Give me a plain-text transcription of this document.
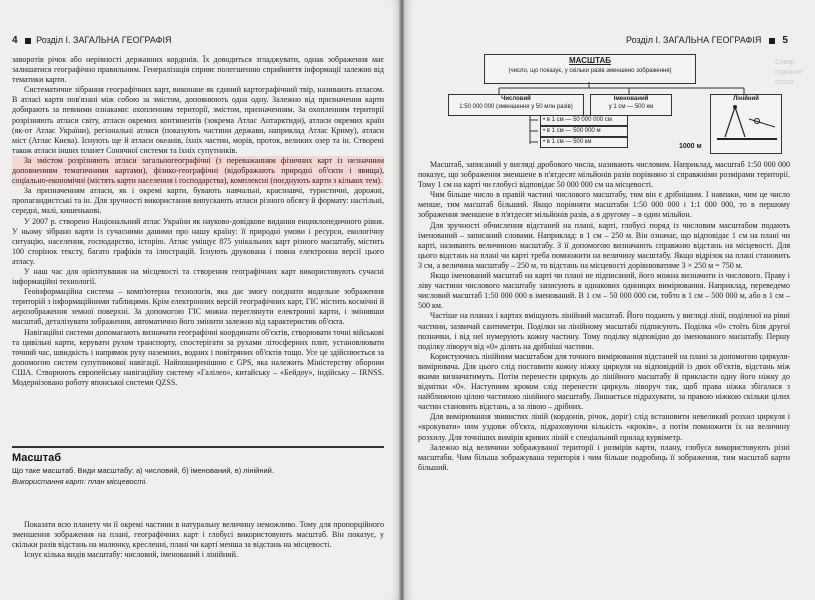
4 Розділ I. ЗАГАЛЬНА ГЕОГРАФІЯ

заворотів річок або нерівності державних кордонів. Їх доводиться згладжувати, однак зображення має залишатися географічно правильним. Генералізація сприяє полегшенню сприйняття інформації залежно від тематики карти.

Систематичне зібрання географічних карт, виконане як єдиний картографічний твір, називають атласом. В атласі карти пов'язані між собою за змістом, доповнюють одна одну. Залежно від призначення карти добирають за певними ознаками: охопленням території, змістом, призначенням. За охопленням території розрізняють атласи світу, атласи окремих континентів (зокрема Атлас Антарктиди), атласи окремих країн (як-от Атлас України), регіональні атласи (показують частини держави, наприклад Атлас Криму), атласи міст (Атлас Києва). Існують ще й атласи океанів, їхніх частин, морів, проток, великих озер та ін. Створені також атласи інших планет Сонячної системи та їхніх супутників.

За змістом розрізняють атласи загальногеографічні (з переважанням фізичних карт із незначним доповненням тематичними картами), фізико-географічні (відображають природні об'єкти і явища), соціально-економічні (містять карти населення і господарства), комплексні (поєднують карти з кількох тем).

За призначенням атласи, як і окремі карти, бувають навчальні, краєзнавчі, туристичні, дорожні, пропагандистські та ін. Для зручності використання випускають атласи різного обсягу й формату: настільні, середні, малі, кишенькові.

У 2007 р. створено Національний атлас України як науково-довідкове видання енциклопедичного рівня. У ньому зібрано карти із сучасними даними про нашу країну: її природні умови і ресурси, екологічну ситуацію, населення, господарство, історію. Атлас уміщує 875 унікальних карт різного масштабу, містить 100 сторінок тексту, багато графіків та ілюстрацій. Існують друкована і повна електронна версії цього атласу.

У наш час для орієнтування на місцевості та створення географічних карт використовують сучасні інформаційні технології.

Геоінформаційна система – комп'ютерна технологія, яка дає змогу поєднати модельне зображення територій з інформаційними таблицями. Крім електронних версій географічних карт, ГІС містить космічні й аерозображення земної поверхні. За допомогою ГІС можна переглянути електронні карти, і змінивши масштаб, деталізувати зображення, автоматично його змінити залежно від характеристик об'єкта.

Навігаційні системи допомагають визначати географічні координати об'єктів, створювати точні військові та цивільні карти, керувати рухом транспорту, спостерігати за рухами літосферних плит, установлювати точний час, швидкість і напрямок руху наземних, водних і повітряних об'єктів тощо. Усе це здійснюється за допомогою систем супутникової навігації. Найпоширенішою є GPS, яка належить Міністерству оборони США. Створюють європейську навігаційну систему «Галілео», китайську – «Бейдоу», індійську – IRNSS. Модернізовано роботу японської системи QZSS.

Масштаб
Що таке масштаб. Види масштабу: а) числовий, б) іменований, в) лінійний.
Використання карт: план місцевості.

Показати всю планету чи її окремі частини в натуральну величину неможливо. Тому для пропорційного зменшення зображення на плані, географічних карт і глобусі використовують масштаб. Він показує, у скільки разів відстань на малюнку, кресленні, плані чи карті менша за відстань на місцевості.

Існує кілька видів масштабу: числовий, іменований і лінійний.

Розділ I. ЗАГАЛЬНА ГЕОГРАФІЯ 5
Створ горизонт спосо
МАСШТАБ
(число, що показує, у скільки разів зменшено зображення)
Числовий
1:50 000 000 (зменшення у 50 млн разів)
Іменований
у 1 см — 500 км
Лінійний
1000 м
• в 1 см — 50 000 000 см
• в 1 см — 500 000 м
• в 1 см — 500 км

Масштаб, записаний у вигляді дробового числа, називають числовим. Наприклад, масштаб 1:50 000 000 показує, що зображення зменшене в п'ятдесят мільйонів разів порівняно зі справжніми розмірами території. Тому 1 см на карті чи глобусі відповідає 50 000 000 см на місцевості.

Чим більше число в правій частині числового масштабу, тим він є дрібнішим. І навпаки, чим це число менше, тим масштаб більший. Якщо порівняти масштаби 1:50 000 000 і 1:1 000 000, то в першому зображення зменшене в п'ятдесят мільйонів разів, а в другому – в один мільйон.

Для зручності обчислення відстаней на плані, карті, глобусі поряд із числовим масштабом подають іменований – записаний словами. Наприклад: в 1 см – 250 м. Він означає, що відповідає 1 см на плані чи карті, називають величиною масштабу. З її допомогою визначають справжню відстань на місцевості. Для цього відстань на плані чи карті треба помножити на величину масштабу. Якщо відрізок на плані становить 3 см, а величина масштабу – 250 м, то відстань на місцевості дорівнюватиме 3 × 250 м = 750 м.

Якщо іменований масштаб на карті чи плані не підписаний, його можна визначити із числового. Праву і ліву частини числового масштабу записують в однакових одиницях вимірювання. Наприклад, переведемо числовий масштаб 1:50 000 000 в іменований. В 1 см – 50 000 000 см, тобто в 1 см – 500 000 м, або в 1 см – 500 км.

Частіше на планах і картах вміщують лінійний масштаб. Його подають у вигляді лінії, поділеної на рівні частини, зазвичай сантиметри. Поділки на лінійному масштабі підписують. Поділка «0» стоїть біля другої позначки, і від неї нумерують кожну частину. Тому поділку відповідно до іменованого масштабу. Першу поділку ліворуч від «0» ділять на дрібніші частини.

Користуючись лінійним масштабом для точного вимірювання відстаней на плані за допомогою циркуля-вимірювача. Для цього слід поставити кожну ніжку циркуля на відповідній із двох об'єктів, відстань між якими визначатимуть. Потім перенести циркуль до лінійного масштабу й прикласти одну його ніжку до відмітки «0». Наступним кроком слід перенести циркуль ліворуч так, щоб права ніжка збігалася з найближчою цілою частиною лінійного масштабу. Лишається підрахувати, за правою ніжкою скільки цілих частин становить відстань, а за лівою – дрібних.

Для вимірювання звивистих ліній (кордонів, річок, доріг) слід встановити невеликий розхил циркуля і «крокувати» ним уздовж об'єкта, підраховуючи кількість «кроків», а потім помножити їх на величину розхилу. Для точніших вимірів кривих ліній є спеціальний прилад курвіметр.

Залежно від величини зображуваної території і розмірів карти, плану, глобуса використовують різні масштаби. Чим більша зображувана територія і чим більше подробиць її зображення, тим масштаб карти більший.
